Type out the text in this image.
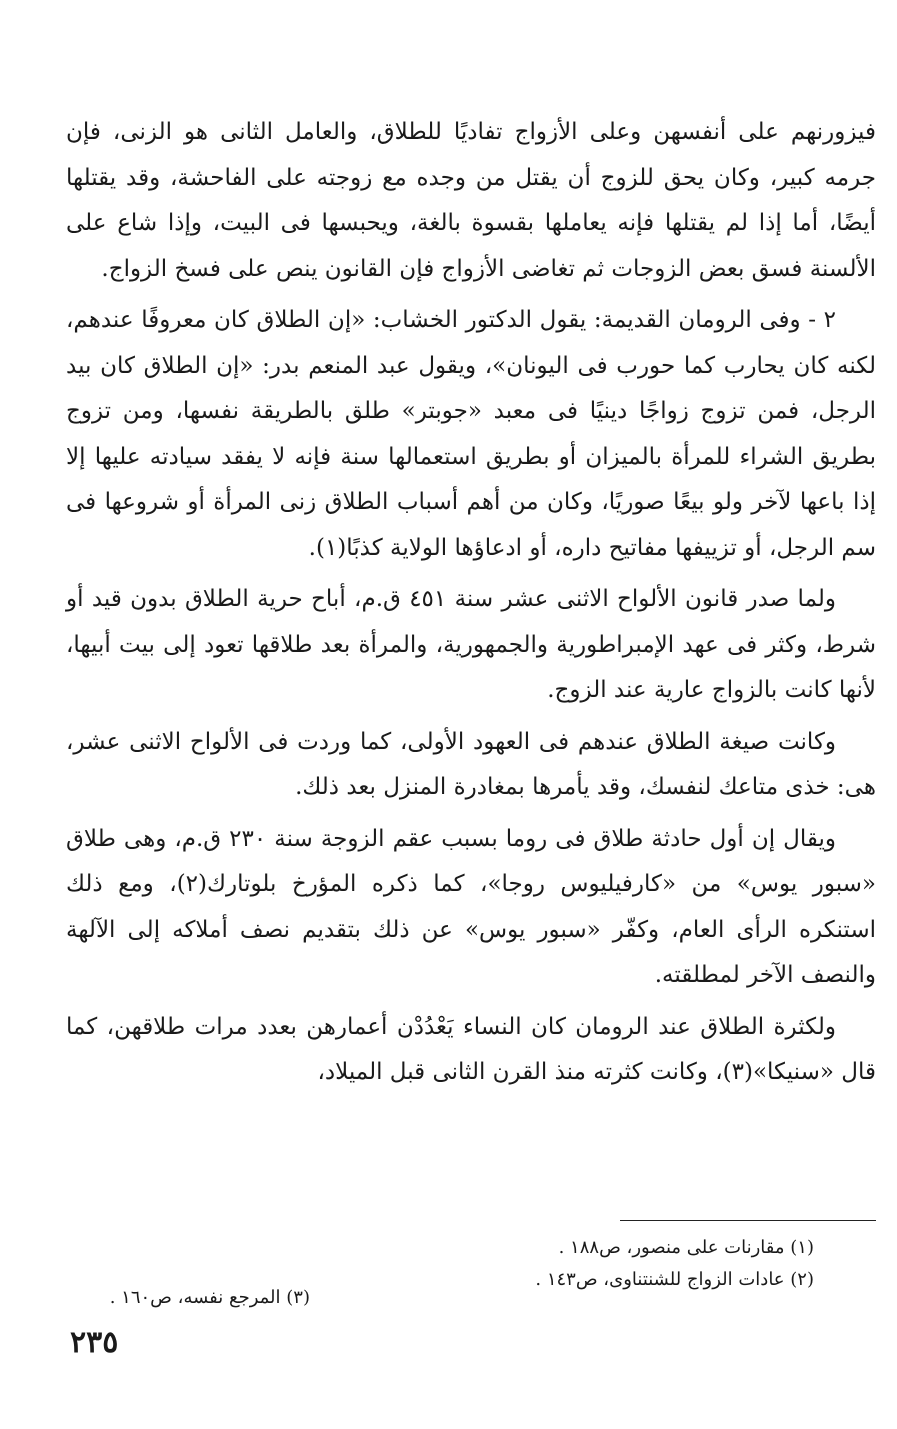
فيزورنهم على أنفسهن وعلى الأزواج تفاديًا للطلاق، والعامل الثانى هو الزنى، فإن جرمه كبير، وكان يحق للزوج أن يقتل من وجده مع زوجته على الفاحشة، وقد يقتلها أيضًا، أما إذا لم يقتلها فإنه يعاملها بقسوة بالغة، ويحبسها فى البيت، وإذا شاع على الألسنة فسق بعض الزوجات ثم تغاضى الأزواج فإن القانون ينص على فسخ الزواج.

٢ - وفى الرومان القديمة: يقول الدكتور الخشاب: «إن الطلاق كان معروفًا عندهم، لكنه كان يحارب كما حورب فى اليونان»، ويقول عبد المنعم بدر: «إن الطلاق كان بيد الرجل، فمن تزوج زواجًا دينيًا فى معبد «جوبتر» طلق بالطريقة نفسها، ومن تزوج بطريق الشراء للمرأة بالميزان أو بطريق استعمالها سنة فإنه لا يفقد سيادته عليها إلا إذا باعها لآخر ولو بيعًا صوريًا، وكان من أهم أسباب الطلاق زنى المرأة أو شروعها فى سم الرجل، أو تزييفها مفاتيح داره، أو ادعاؤها الولاية كذبًا(١).

ولما صدر قانون الألواح الاثنى عشر سنة ٤٥١ ق.م، أباح حرية الطلاق بدون قيد أو شرط، وكثر فى عهد الإمبراطورية والجمهورية، والمرأة بعد طلاقها تعود إلى بيت أبيها، لأنها كانت بالزواج عارية عند الزوج.

وكانت صيغة الطلاق عندهم فى العهود الأولى، كما وردت فى الألواح الاثنى عشر، هى: خذى متاعك لنفسك، وقد يأمرها بمغادرة المنزل بعد ذلك.

ويقال إن أول حادثة طلاق فى روما بسبب عقم الزوجة سنة ٢٣٠ ق.م، وهى طلاق «سبور يوس» من «كارفيليوس روجا»، كما ذكره المؤرخ بلوتارك(٢)، ومع ذلك استنكره الرأى العام، وكفّر «سبور يوس» عن ذلك بتقديم نصف أملاكه إلى الآلهة والنصف الآخر لمطلقته.

ولكثرة الطلاق عند الرومان كان النساء يَعْدُدْن أعمارهن بعدد مرات طلاقهن، كما قال «سنيكا»(٣)، وكانت كثرته منذ القرن الثانى قبل الميلاد،

(١) مقارنات على منصور، ص١٨٨ .
(٢) عادات الزواج للشنتناوى، ص١٤٣ .
(٣) المرجع نفسه، ص١٦٠ .
٢٣٥
